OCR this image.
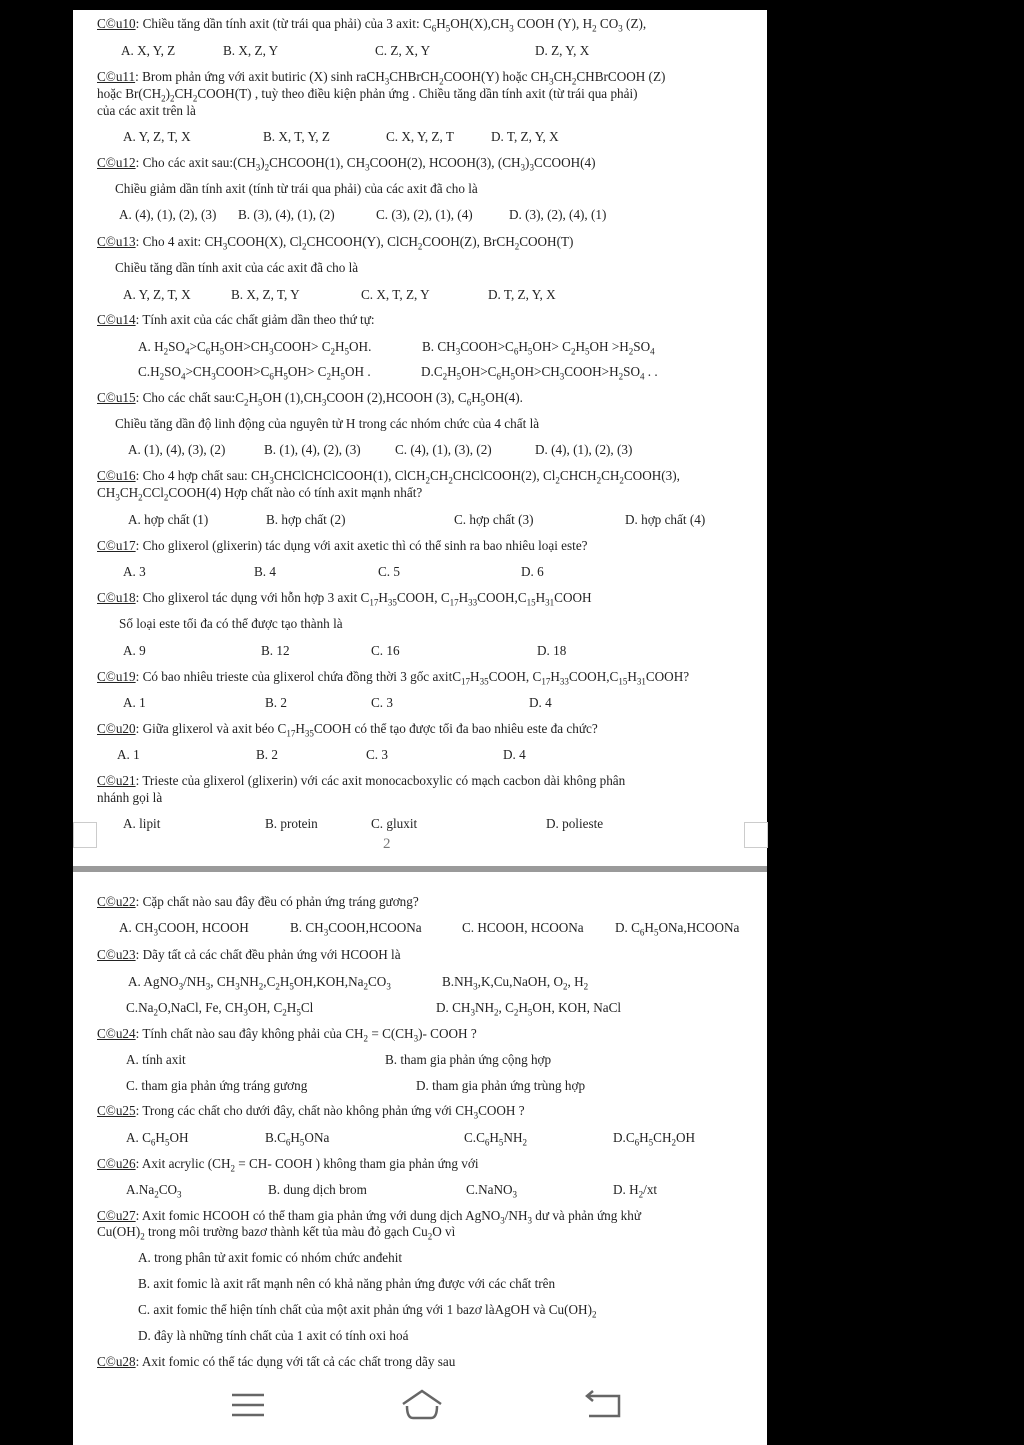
C©u10: Chiều tăng dần tính axit (từ trái qua phải) của 3 axit: $C_6H_5OH(X),CH_3$ COOH (Y), $H_2$ $CO_3$ (Z),
A. X, Y, Z	B. X, Z, Y	C. Z, X, Y	D. Z, Y, X
C©u11: Brom phản ứng với axit butiric (X) sinh raCH$_3$CHBrCH$_2$COOH(Y) hoặc $CH_3CH_2CHBrCOOH$ (Z)
hoặc $Br(CH_2)_2CH_2COOH(T)$ , tuỳ theo điều kiện phản ứng . Chiều tăng dần tính axit (từ trái qua phải)
của các axit trên là
A. Y, Z, T, X	B. X, T, Y, Z	C. X, Y, Z, T	D. T, Z, Y, X
C©u12: Cho các axit $sau:(CH_3)_2CHCOOH(1)$, $CH_3COOH(2)$, HCOOH(3), $(CH_3)_3CCOOH(4)$
Chiều giảm dần tính axit (tính từ trái qua phải) của các axit đã cho là
A. (4), (1), (2), (3) B. (3), (4), (1), (2)	C. (3), (2), (1), (4)	D. (3), (2), (4), (1)
C©u13: Cho 4 axit: $CH_3COOH(X)$, $Cl_2CHCOOH(Y)$, ClCH$_2$COOH(Z), BrCH$_2$COOH(T)
Chiều tăng dần tính axit của các axit đã cho là
A. Y, Z, T, X	B. X, Z, T, Y	C. X, T, Z, Y	D. T, Z, Y, X
C©u14: Tính axit của các chất giảm dần theo thứ tự:
A. $H_2SO_4>C_6H_5OH>CH_3COOH> C_2H_5OH$.	B. $CH_3COOH>C_6H_5OH> C_2H_5OH >H_2SO_4$
$C.H_2SO_4>CH_3COOH>C_6H_5OH> C_2H_5OH$ .	$D.C_2H_5OH>C_6H_5OH>CH_3COOH>H_2SO_4$ . .
C©u15: Cho các chất $sau:C_2H_5OH$ $(1),CH_3COOH$ (2),HCOOH (3), $C_6H_5OH(4)$.
Chiều tăng dần độ linh động của nguyên tử H trong các nhóm chức của 4 chất là
A. (1), (4), (3), (2)	B. (1), (4), (2), (3)	C. (4), (1), (3), (2)	D. (4), (1), (2), (3)
C©u16: Cho 4 hợp chất sau: $CH_3CHClCHClCOOH(1)$, $ClCH_2CH_2CHClCOOH(2)$, $Cl_2CHCH_2CH_2COOH(3)$,
$CH_3CH_2CCl_2COOH(4)$ Hợp chất nào có tính axit mạnh nhất?
A. hợp chất (1)	B. hợp chất (2)	C. hợp chất (3)	D. hợp chất (4)
C©u17: Cho glixerol (glixerin) tác dụng với axit axetic thì có thể sinh ra bao nhiêu loại este?
A. 3	B. 4	C. 5	D. 6
C©u18: Cho glixerol tác dụng với hỗn hợp 3 axit $C_{17}H_{35}COOH$, $C_{17}H_{33}COOH,C_{15}H_{31}COOH$
Số loại este tối đa có thể được tạo thành là
A. 9	B. 12	C. 16	D. 18
C©u19: Có bao nhiêu trieste của glixerol chứa đồng thời 3 gốc $axitC_{17}H_{35}COOH$, $C_{17}H_{33}COOH,C_{15}H_{31}COOH$?
A. 1	B. 2	C. 3	D. 4
C©u20: Giữa glixerol và axit béo $C_{17}H_{35}COOH$ có thể tạo được tối đa bao nhiêu este đa chức?
A. 1	B. 2	C. 3	D. 4
C©u21: Trieste của glixerol (glixerin) với các axit monocacboxylic có mạch cacbon dài không phân
nhánh gọi là
A. lipit	B. protein	C. gluxit	D. polieste
2
C©u22: Cặp chất nào sau đây đều có phản ứng tráng gương?
A. $CH_3COOH$, HCOOH	B. $CH_3COOH,HCOONa$	C. HCOOH, HCOONa D. $C_6H_5ONa,HCOONa$
C©u23: Dãy tất cả các chất đều phản ứng với HCOOH là
A. $AgNO_3/NH_3$, $CH_3NH_2,C_2H_5OH,KOH,Na_2CO_3$	$B.NH_3,K,Cu,NaOH$, $O_2$, $H_2$
$C.Na_2O,NaCl$, Fe, $CH_3OH$, $C_2H_5Cl$	D. $CH_3NH_2$, $C_2H_5OH$, KOH, NaCl
C©u24: Tính chất nào sau đây không phải của $CH_2 = C(CH_3)-$ COOH ?
A. tính axit	B. tham gia phản ứng cộng hợp
C. tham gia phản ứng tráng gương	D. tham gia phản ứng trùng hợp
C©u25: Trong các chất cho dưới đây, chất nào không phản ứng với $CH_3COOH$ ?
A. $C_6H_5OH$	$B.C_6H_5ONa$	$C.C_6H_5NH_2$	$D.C_6H_5CH_2OH$
C©u26: Axit acrylic ($CH_2 = CH-$ COOH ) không tham gia phản ứng với
$A.Na_2CO_3$	B. dung dịch brom	C.NaNO$_3$	D. $H_2/xt$
C©u27: Axit fomic HCOOH có thể tham gia phản ứng với dung dịch $AgNO_3/NH_3$ dư và phản ứng khử
$Cu(OH)_2$ trong môi trường bazơ thành kết tủa màu đỏ gạch $Cu_2O$ vì
A. trong phân tử axit fomic có nhóm chức anđehit
B. axit fomic là axit rất mạnh nên có khả năng phản ứng được với các chất trên
C. axit fomic thể hiện tính chất của một axit phản ứng với 1 bazơ làAgOH và $Cu(OH)_2$
D. đây là những tính chất của 1 axit có tính oxi hoá
C©u28: Axit fomic có thể tác dụng với tất cả các chất trong dãy sau
